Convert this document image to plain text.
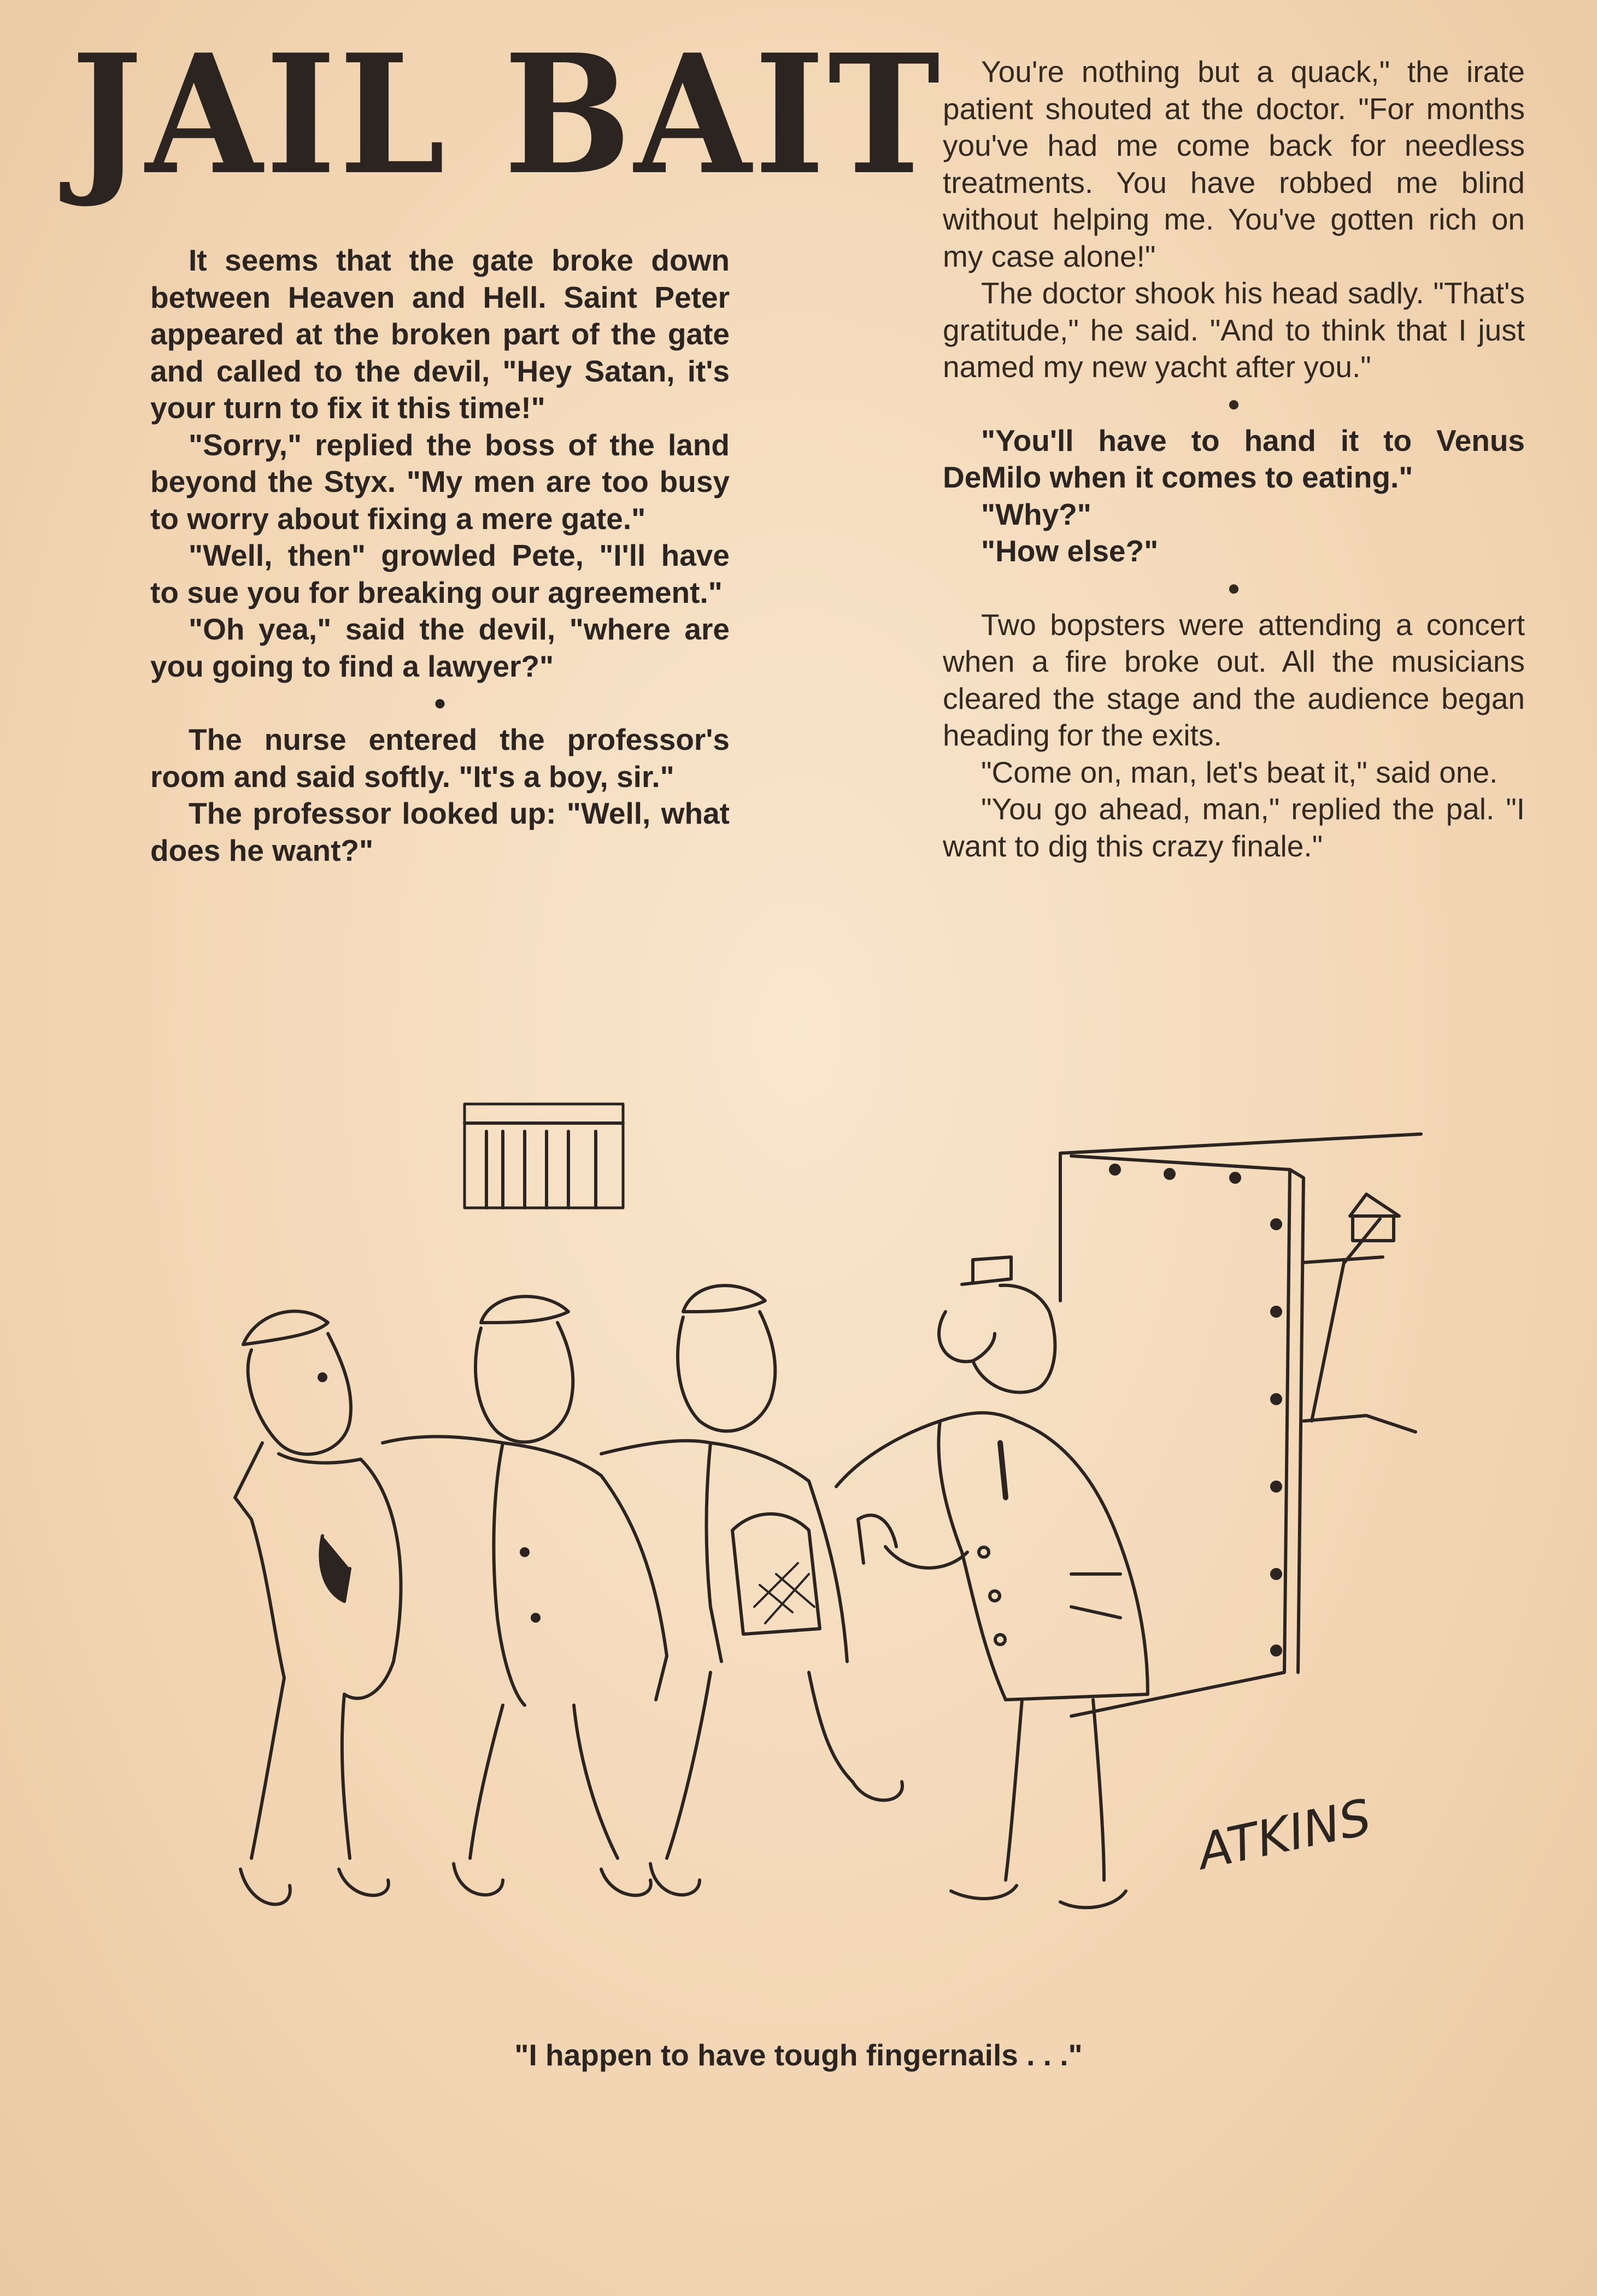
JAIL BAIT

It seems that the gate broke down between Heaven and Hell. Saint Peter appeared at the broken part of the gate and called to the devil, "Hey Satan, it's your turn to fix it this time!"

"Sorry," replied the boss of the land beyond the Styx. "My men are too busy to worry about fixing a mere gate."

"Well, then" growled Pete, "I'll have to sue you for breaking our agreement."

"Oh yea," said the devil, "where are you going to find a lawyer?"

●

The nurse entered the professor's room and said softly. "It's a boy, sir."

The professor looked up: "Well, what does he want?"

You're nothing but a quack," the irate patient shouted at the doctor. "For months you've had me come back for needless treatments. You have robbed me blind without helping me. You've gotten rich on my case alone!"

The doctor shook his head sadly. "That's gratitude," he said. "And to think that I just named my new yacht after you."

●

"You'll have to hand it to Venus DeMilo when it comes to eating."

"Why?"

"How else?"

●

Two bopsters were attending a concert when a fire broke out. All the musicians cleared the stage and the audience began heading for the exits.

"Come on, man, let's beat it," said one.

"You go ahead, man," replied the pal. "I want to dig this crazy finale."

ATKINS
"I happen to have tough fingernails . . ."
